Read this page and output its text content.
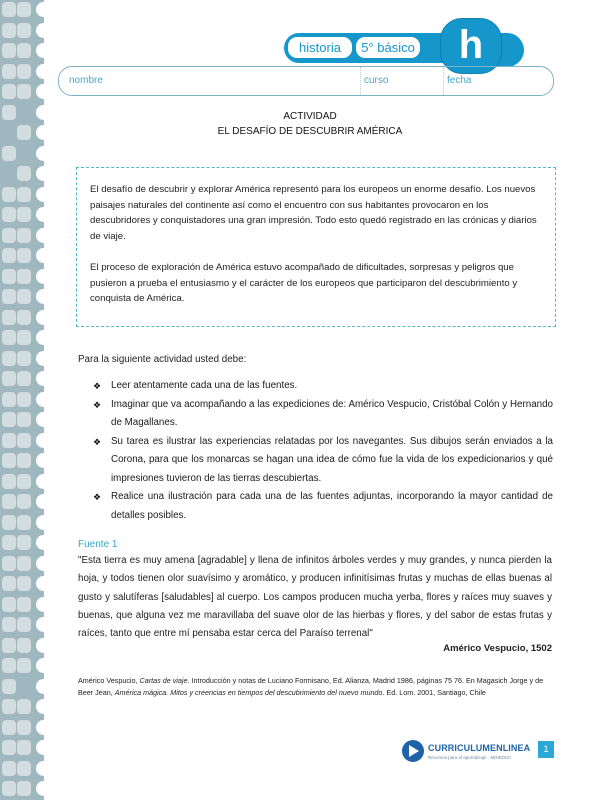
historia	5° básico	h
nombre	curso	fecha
ACTIVIDAD
EL DESAFÍO DE DESCUBRIR AMÉRICA

El desafío de descubrir y explorar América representó para los europeos un enorme desafío. Los nuevos paisajes naturales del continente así como el encuentro con sus habitantes provocaron en los descubridores y conquistadores una gran impresión. Todo esto quedó registrado en las crónicas y diarios de viaje.

El proceso de exploración de América estuvo acompañado de dificultades, sorpresas y peligros que pusieron a prueba el entusiasmo y el carácter de los europeos que participaron del descubrimiento y conquista de América.

Para la siguiente actividad usted debe:
❖ Leer atentamente cada una de las fuentes.
❖ Imaginar que va acompañando a las expediciones de: Américo Vespucio, Cristóbal Colón y Hernando de Magallanes.
❖ Su tarea es ilustrar las experiencias relatadas por los navegantes. Sus dibujos serán enviados a la Corona, para que los monarcas se hagan una idea de cómo fue la vida de los expedicionarios y qué impresiones tuvieron de las tierras descubiertas.
❖ Realice una ilustración para cada una de las fuentes adjuntas, incorporando la mayor cantidad de detalles posibles.
Fuente 1
"Esta tierra es muy amena [agradable] y llena de infinitos árboles verdes y muy grandes, y nunca pierden la hoja, y todos tienen olor suavísimo y aromático, y producen infinitísimas frutas y muchas de ellas buenas al gusto y salutíferas [saludables] al cuerpo. Los campos producen mucha yerba, flores y raíces muy suaves y buenas, que alguna vez me maravillaba del suave olor de las hierbas y flores, y del sabor de estas frutas y raíces, tanto que entre mí pensaba estar cerca del Paraíso terrenal"
Américo Vespucio, 1502
Américo Vespucio, Cartas de viaje. Introducción y notas de Luciano Formisano, Ed. Alianza, Madrid 1986, páginas 75 76. En Magasich Jorge y de Beer Jean, América mágica. Mitos y creencias en tiempos del descubrimiento del nuevo mundo. Ed. Lom. 2001, Santiago, Chile
CURRICULUMENLINEA
Recursos para el aprendizaje · MINEDUC
1
